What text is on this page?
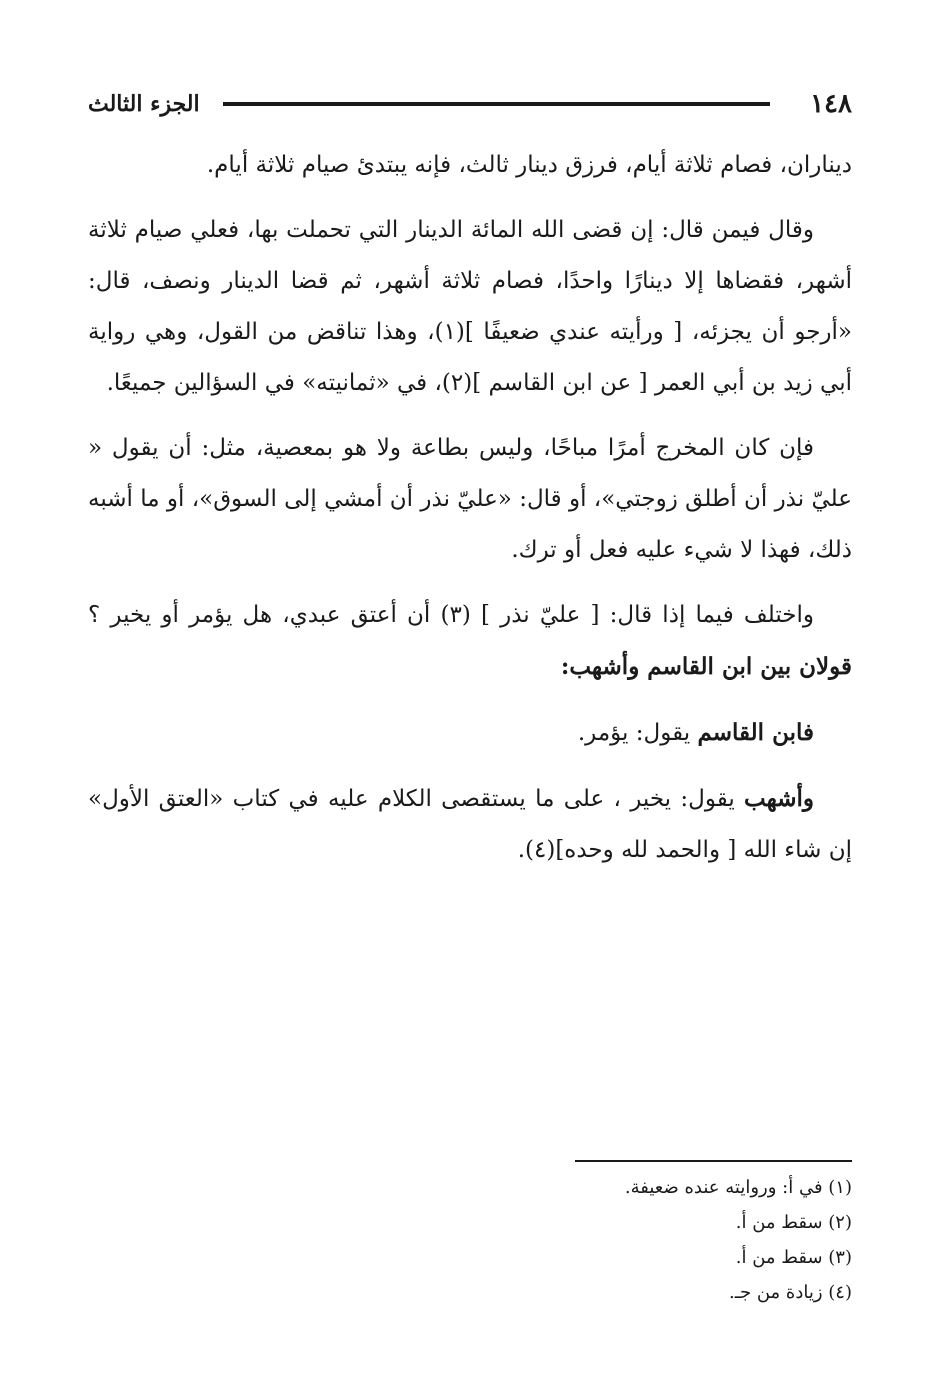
١٤٨
الجزء الثالث

ديناران، فصام ثلاثة أيام، فرزق دينار ثالث، فإنه يبتدئ صيام ثلاثة أيام.

وقال فيمن قال: إن قضى الله المائة الدينار التي تحملت بها، فعلي صيام ثلاثة أشهر، فقضاها إلا دينارًا واحدًا، فصام ثلاثة أشهر، ثم قضا الدينار ونصف، قال: «أرجو أن يجزئه، [ ورأيته عندي ضعيفًا ](١)، وهذا تناقض من القول، وهي رواية أبي زيد بن أبي العمر [ عن ابن القاسم ](٢)، في «ثمانيته» في السؤالين جميعًا.

فإن كان المخرج أمرًا مباحًا، وليس بطاعة ولا هو بمعصية، مثل: أن يقول « عليّ نذر أن أطلق زوجتي»، أو قال: «عليّ نذر أن أمشي إلى السوق»، أو ما أشبه ذلك، فهذا لا شيء عليه فعل أو ترك.

واختلف فيما إذا قال: [ عليّ نذر ] (٣) أن أعتق عبدي، هل يؤمر أو يخير ؟ قولان بين ابن القاسم وأشهب:

فابن القاسم يقول: يؤمر.

وأشهب يقول: يخير ، على ما يستقصى الكلام عليه في كتاب «العتق الأول» إن شاء الله [ والحمد لله وحده](٤).

(١) في أ: وروايته عنده ضعيفة.

(٢) سقط من أ.

(٣) سقط من أ.

(٤) زيادة من جـ.
